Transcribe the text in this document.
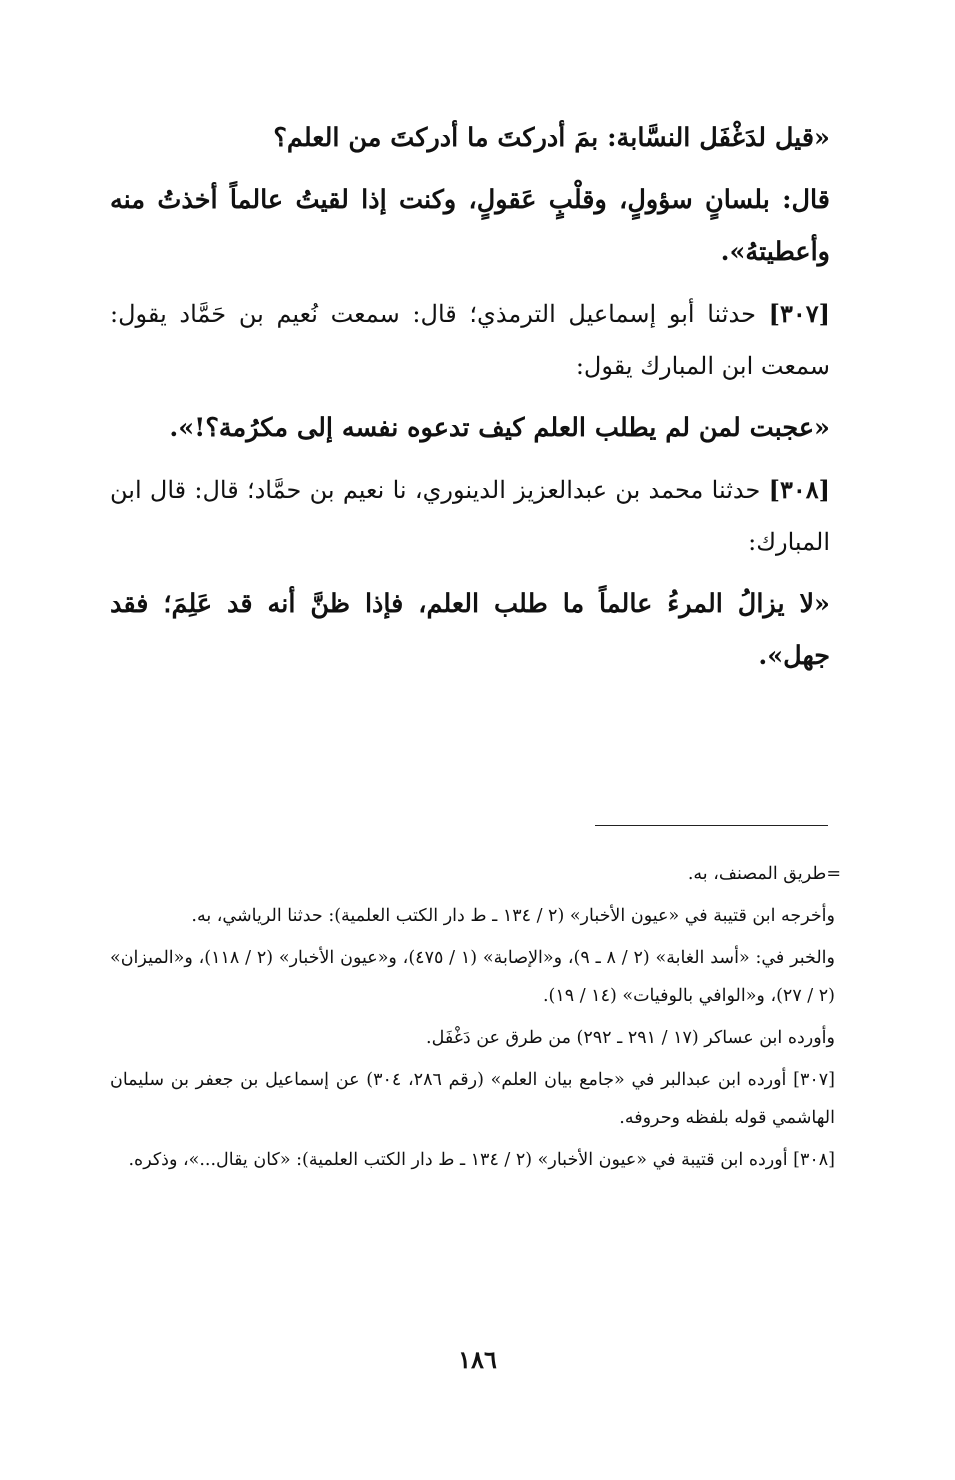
«قيل لدَغْفَل النسَّابة: بمَ أدركتَ ما أدركتَ من العلم؟

قال: بلسانٍ سؤولٍ، وقلْبٍ عَقولٍ، وكنت إذا لقيتُ عالماً أخذتُ منه وأعطيتهُ».

[٣٠٧] حدثنا أبو إسماعيل الترمذي؛ قال: سمعت نُعيم بن حَمَّاد يقول: سمعت ابن المبارك يقول:

«عجبت لمن لم يطلب العلم كيف تدعوه نفسه إلى مكرُمة؟!».

[٣٠٨] حدثنا محمد بن عبدالعزيز الدينوري، نا نعيم بن حمَّاد؛ قال: قال ابن المبارك:

«لا يزالُ المرءُ عالماً ما طلب العلم، فإذا ظنَّ أنه قد عَلِمَ؛ فقد جهل».

=طريق المصنف، به.

وأخرجه ابن قتيبة في «عيون الأخبار» (٢ / ١٣٤ ـ ط دار الكتب العلمية): حدثنا الرياشي، به.

والخبر في: «أسد الغابة» (٢ / ٨ ـ ٩)، و«الإصابة» (١ / ٤٧٥)، و«عيون الأخبار» (٢ / ١١٨)، و«الميزان» (٢ / ٢٧)، و«الوافي بالوفيات» (١٤ / ١٩).

وأورده ابن عساكر (١٧ / ٢٩١ ـ ٢٩٢) من طرق عن دَغْفَل.

[٣٠٧] أورده ابن عبدالبر في «جامع بيان العلم» (رقم ٢٨٦، ٣٠٤) عن إسماعيل بن جعفر بن سليمان الهاشمي قوله بلفظه وحروفه.

[٣٠٨] أورده ابن قتيبة في «عيون الأخبار» (٢ / ١٣٤ ـ ط دار الكتب العلمية): «كان يقال...»، وذكره.

١٨٦
